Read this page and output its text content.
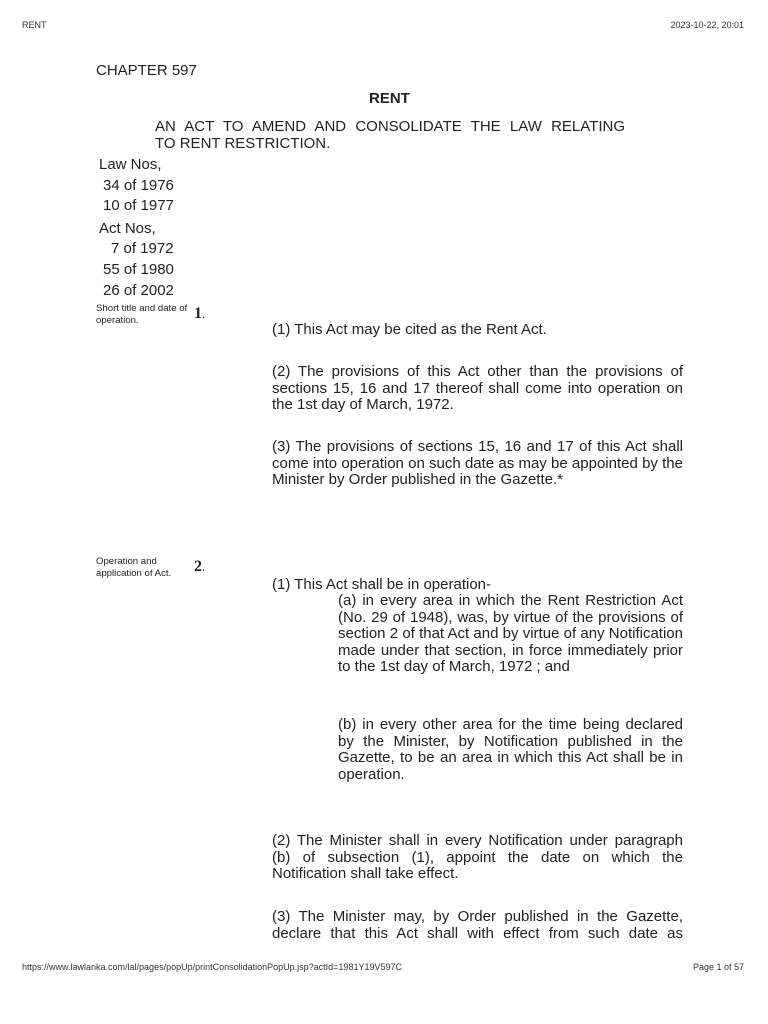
RENT	2023-10-22, 20:01
CHAPTER 597
RENT
AN ACT TO AMEND AND CONSOLIDATE THE LAW RELATING
TO RENT RESTRICTION.
Law Nos,
34 of 1976
10 of 1977
Act Nos,
7 of 1972
55 of 1980
26 of 2002
Short title and date of operation.	1.
(1) This Act may be cited as the Rent Act.
(2) The provisions of this Act other than the provisions of sections 15, 16 and 17 thereof shall come into operation on the 1st day of March, 1972.
(3) The provisions of sections 15, 16 and 17 of this Act shall come into operation on such date as may be appointed by the Minister by Order published in the Gazette.*
Operation and application of Act.	2.
(1) This Act shall be in operation-
(a) in every area in which the Rent Restriction Act (No. 29 of 1948), was, by virtue of the provisions of section 2 of that Act and by virtue of any Notification made under that section, in force immediately prior to the 1st day of March, 1972 ; and
(b) in every other area for the time being declared by the Minister, by Notification published in the Gazette, to be an area in which this Act shall be in operation.
(2) The Minister shall in every Notification under paragraph (b) of subsection (1), appoint the date on which the Notification shall take effect.
(3) The Minister may, by Order published in the Gazette, declare that this Act shall with effect from such date as
https://www.lawlanka.com/lal/pages/popUp/printConsolidationPopUp.jsp?actId=1981Y19V597C	Page 1 of 57
